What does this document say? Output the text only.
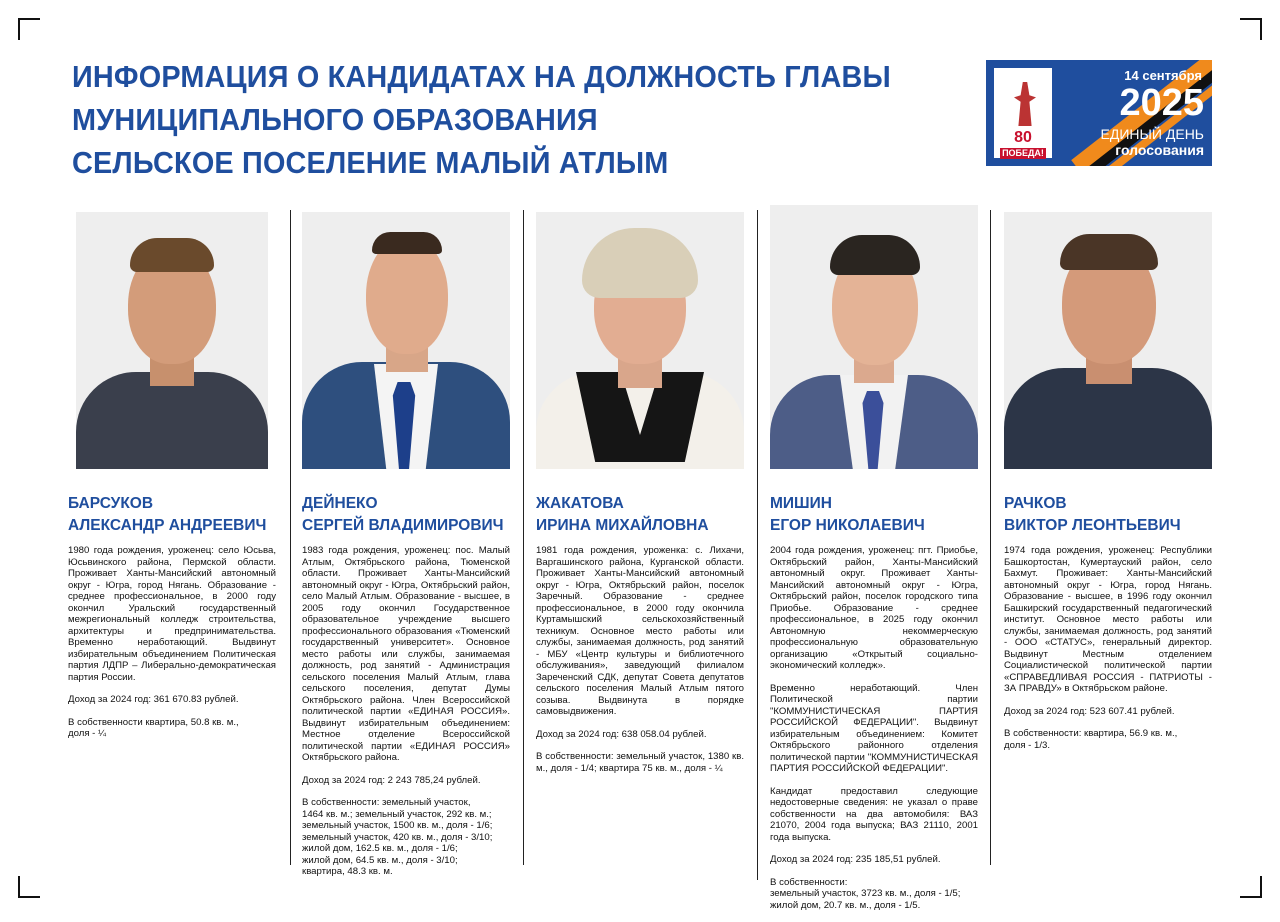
ИНФОРМАЦИЯ О КАНДИДАТАХ НА ДОЛЖНОСТЬ ГЛАВЫ
МУНИЦИПАЛЬНОГО ОБРАЗОВАНИЯ
СЕЛЬСКОЕ ПОСЕЛЕНИЕ МАЛЫЙ АТЛЫМ
80
ПОБЕДА!
14 сентября
2025
ЕДИНЫЙ ДЕНЬ
голосования
БАРСУКОВ
АЛЕКСАНДР АНДРЕЕВИЧ

1980 года рождения, уроженец: село Юсьва, Юсьвинского района, Пермской области. Проживает Ханты-Мансийский автономный округ - Югра, город Нягань. Образование - среднее профессиональное, в 2000 году окончил Уральский государственный межрегиональный колледж строительства, архитектуры и предпринимательства. Временно неработающий. Выдвинут избирательным объединением Политическая партия ЛДПР – Либерально-демократическая партия России.

Доход за 2024 год: 361 670.83 рублей.

В собственности квартира, 50.8 кв. м.,
доля - ¼

ДЕЙНЕКО
СЕРГЕЙ ВЛАДИМИРОВИЧ

1983 года рождения, уроженец: пос. Малый Атлым, Октябрьского района, Тюменской области. Проживает Ханты-Мансийский автономный округ - Югра, Октябрьский район, село Малый Атлым. Образование - высшее, в 2005 году окончил Государственное образовательное учреждение высшего профессионального образования «Тюменский государственный университет». Основное место работы или службы, занимаемая должность, род занятий - Администрация сельского поселения Малый Атлым, глава сельского поселения, депутат Думы Октябрьского района. Член Всероссийской политической партии «ЕДИНАЯ РОССИЯ». Выдвинут избирательным объединением: Местное отделение Всероссийской политической партии «ЕДИНАЯ РОССИЯ» Октябрьского района.

Доход за 2024 год: 2 243 785,24 рублей.

В собственности: земельный участок,
1464 кв. м.; земельный участок, 292 кв. м.;
земельный участок, 1500 кв. м., доля - 1/6;
земельный участок, 420 кв. м., доля - 3/10;
жилой дом, 162.5 кв. м., доля - 1/6;
жилой дом, 64.5 кв. м., доля - 3/10;
квартира, 48.3 кв. м.

ЖАКАТОВА
ИРИНА МИХАЙЛОВНА

1981 года рождения, уроженка: с. Лихачи, Варгашинского района, Курганской области. Проживает Ханты-Мансийский автономный округ - Югра, Октябрьский район, поселок Заречный. Образование - среднее профессиональное, в 2000 году окончила Куртамышский сельскохозяйственный техникум. Основное место работы или службы, занимаемая должность, род занятий - МБУ «Центр культуры и библиотечного обслуживания», заведующий филиалом Зареченский СДК, депутат Совета депутатов сельского поселения Малый Атлым пятого созыва. Выдвинута в порядке самовыдвижения.

Доход за 2024 год: 638 058.04 рублей.

В собственности: земельный участок, 1380 кв. м., доля - 1/4; квартира 75 кв. м., доля - ¼

МИШИН
ЕГОР НИКОЛАЕВИЧ

2004 года рождения, уроженец: пгт. Приобье, Октябрьский район, Ханты-Мансийский автономный округ. Проживает Ханты-Мансийский автономный округ - Югра, Октябрьский район, поселок городского типа Приобье. Образование - среднее профессиональное, в 2025 году окончил Автономную некоммерческую профессиональную образовательную организацию «Открытый социально-экономический колледж».

Временно неработающий. Член Политической партии "КОММУНИСТИЧЕСКАЯ ПАРТИЯ РОССИЙСКОЙ ФЕДЕРАЦИИ". Выдвинут избирательным объединением: Комитет Октябрьского районного отделения политической партии "КОММУНИСТИЧЕСКАЯ ПАРТИЯ РОССИЙСКОЙ ФЕДЕРАЦИИ".

Кандидат предоставил следующие недостоверные сведения: не указал о праве собственности на два автомобиля: ВАЗ 21070, 2004 года выпуска; ВАЗ 21110, 2001 года выпуска.

Доход за 2024 год: 235 185,51 рублей.

В собственности:
земельный участок, 3723 кв. м., доля - 1/5;
жилой дом, 20.7 кв. м., доля - 1/5.

РАЧКОВ
ВИКТОР ЛЕОНТЬЕВИЧ

1974 года рождения, уроженец: Республики Башкортостан, Кумертауский район, село Бахмут. Проживает: Ханты-Мансийский автономный округ - Югра, город Нягань. Образование - высшее, в 1996 году окончил Башкирский государственный педагогический институт. Основное место работы или службы, занимаемая должность, род занятий - ООО «СТАТУС», генеральный директор. Выдвинут Местным отделением Социалистической политической партии «СПРАВЕДЛИВАЯ РОССИЯ - ПАТРИОТЫ - ЗА ПРАВДУ» в Октябрьском районе.

Доход за 2024 год: 523 607.41 рублей.

В собственности: квартира, 56.9 кв. м.,
доля - 1/3.
